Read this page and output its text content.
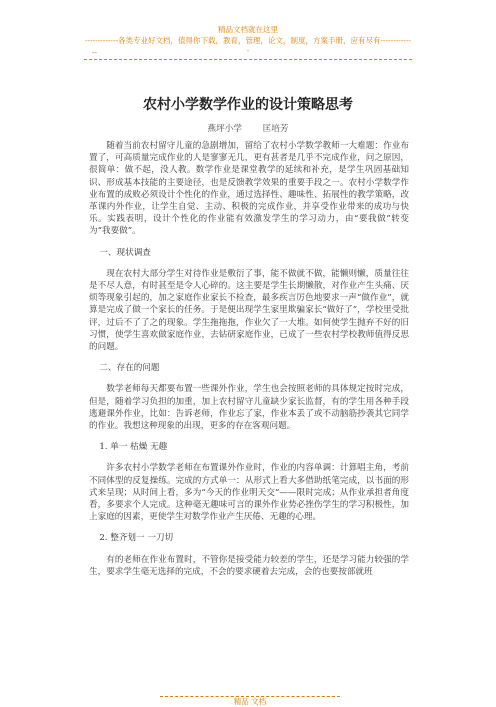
精品文档就在这里
-------------各类专业好文档，值得你下载，教育，管理，论文，制度，方案手册，应有尽有-------------
--
农村小学数学作业的设计策略思考
燕坪小学 匡培芳

随着当前农村留守儿童的急剧增加，留给了农村小学数学教师一大难题：作业布置了，可高质量完成作业的人是寥寥无几，更有甚者是几乎不完成作业，问之原因，很简单：做不起，没人教。数学作业是课堂教学的延续和补充，是学生巩固基础知识、形成基本技能的主要途径，也是反馈教学效果的重要手段之一。农村小学数学作业布置的成败必须设计个性化的作业，通过选择性、趣味性、拓展性的教学策略，改革课内外作业，让学生自觉、主动、积极的完成作业，并享受作业带来的成功与快乐。实践表明，设计个性化的作业能有效激发学生的学习动力，由“要我做”转变为“我要做”。

一、现状调查

现在农村大部分学生对待作业是敷衍了事，能不做就不做，能懒则懒，质量往往是不尽人意，有时甚至是令人心碎的。这主要是学生长期懒散，对作业产生头痛、厌烦等现象引起的，加之家庭作业家长不检查，最多疾言厉色地要求一声“做作业”，就算是完成了做一个家长的任务。于是便出现学生家里欺骗家长“做好了”，学校里受批评，过后不了了之的现象。学生拖拖拖，作业欠了一大堆。如何使学生抛弃不好的旧习惯，使学生喜欢做家庭作业，去钻研家庭作业，已成了一些农村学校教师值得反思的问题。

二、存在的问题

数学老师每天都要布置一些课外作业，学生也会按照老师的具体规定按时完成，但是，随着学习负担的加重，加上农村留守儿童缺少家长监督，有的学生用各种手段逃避课外作业，比如：告诉老师，作业忘了家，作业本丢了或不动脑筋抄袭其它同学的作业。我想这种现象的出现，更多的存在客观问题。

1. 单一 枯燥 无趣

许多农村小学数学老师在布置课外作业时，作业的内容单调：计算唱主角，考前不同体型的反复操练。完成的方式单一：从形式上看大多借助纸笔完成，以书面的形式来呈现；从时间上看，多为“今天的作业明天交”——限时完成；从作业承担者角度看，多要求个人完成。这种毫无趣味可言的课外作业势必挫伤学生的学习积极性，加上家庭的因素，更使学生对数学作业产生厌倦、无趣的心理。

2. 整齐划一 一刀切

有的老师在作业布置时，不管你是接受能力较差的学生，还是学习能力较强的学生，要求学生毫无选择的完成，不会的要求硬着去完成，会的也要按部就班

精品 文档
